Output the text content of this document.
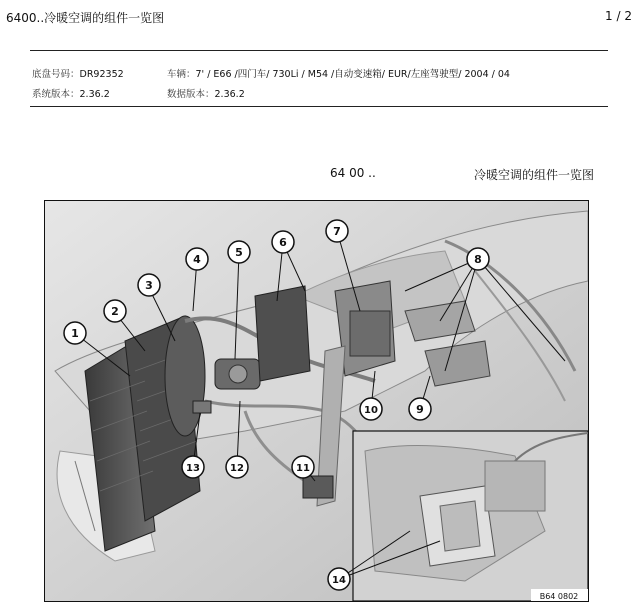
6400..冷暖空调的组件一览图	1 / 2
底盘号码：DR92352	车辆：7' / E66 /四门车/ 730Li / M54 /自动变速箱/ EUR/左座驾驶型/ 2004 / 04
系统版本：2.36.2	数据版本：2.36.2
64 00 ..	冷暖空调的组件一览图
1
2
3
4
5
6
7
8
9
10
11
12
13
14
B64 0802
